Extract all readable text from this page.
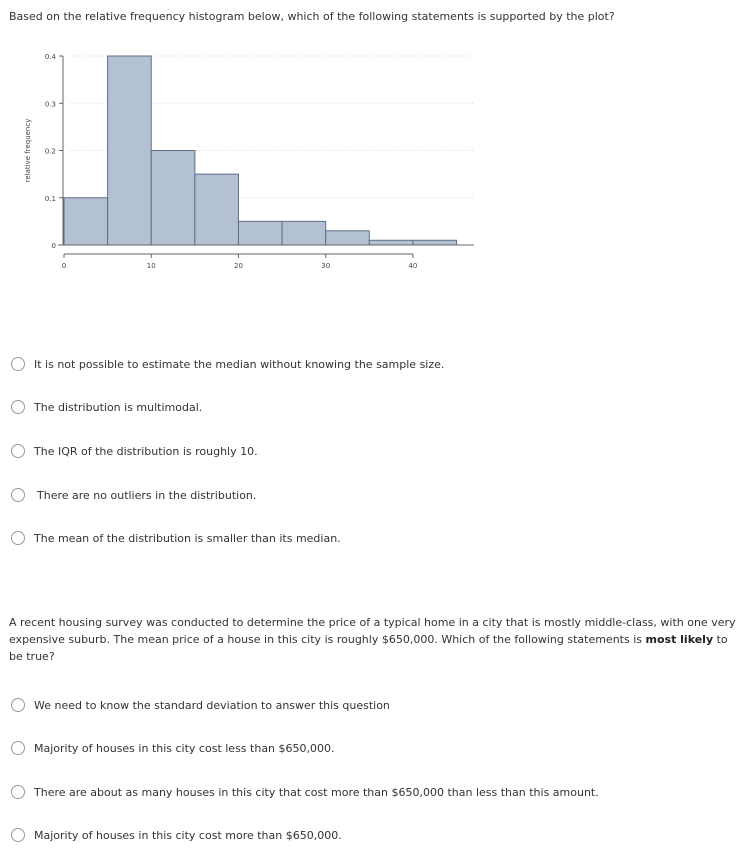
Based on the relative frequency histogram below, which of the following statements is supported by the plot?
0
0.1
0.2
0.3
0.4
0	10	20	30	40
relative frequency
It is not possible to estimate the median without knowing the sample size.
The distribution is multimodal.
The IQR of the distribution is roughly 10.
There are no outliers in the distribution.
The mean of the distribution is smaller than its median.
A recent housing survey was conducted to determine the price of a typical home in a city that is mostly middle-class, with one very expensive suburb. The mean price of a house in this city is roughly $650,000. Which of the following statements is most likely to be true?
We need to know the standard deviation to answer this question
Majority of houses in this city cost less than $650,000.
There are about as many houses in this city that cost more than $650,000 than less than this amount.
Majority of houses in this city cost more than $650,000.
